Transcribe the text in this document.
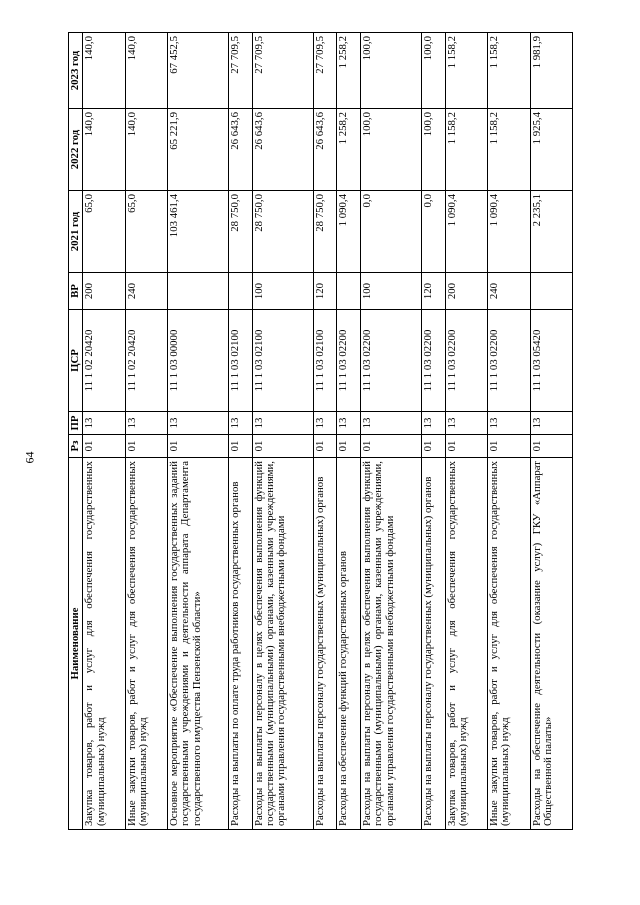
64
Наименование	Рз	ПР	ЦСР	ВР	2021 год	2022 год	2023 год
Закупка товаров, работ и услуг для обеспечения государственных (муниципальных) нужд	01	13	11 1 02 20420	200	65,0	140,0	140,0
Иные закупки товаров, работ и услуг для обеспечения государственных (муниципальных) нужд	01	13	11 1 02 20420	240	65,0	140,0	140,0
Основное мероприятие «Обеспечение выполнения государственных заданий государственными учреждениями и деятельности аппарата Департамента государственного имущества Пензенской области»	01	13	11 1 03 00000		103 461,4	65 221,9	67 452,5
Расходы на выплаты по оплате труда работников государственных органов	01	13	11 1 03 02100		28 750,0	26 643,6	27 709,5
Расходы на выплаты персоналу в целях обеспечения выполнения функций государственными (муниципальными) органами, казенными учреждениями, органами управления государственными внебюджетными фондами	01	13	11 1 03 02100	100	28 750,0	26 643,6	27 709,5
Расходы на выплаты персоналу государственных (муниципальных) органов	01	13	11 1 03 02100	120	28 750,0	26 643,6	27 709,5
Расходы на обеспечение функций государственных органов	01	13	11 1 03 02200		1 090,4	1 258,2	1 258,2
Расходы на выплаты персоналу в целях обеспечения выполнения функций государственными (муниципальными) органами, казенными учреждениями, органами управления государственными внебюджетными фондами	01	13	11 1 03 02200	100	0,0	100,0	100,0
Расходы на выплаты персоналу государственных (муниципальных) органов	01	13	11 1 03 02200	120	0,0	100,0	100,0
Закупка товаров, работ и услуг для обеспечения государственных (муниципальных) нужд	01	13	11 1 03 02200	200	1 090,4	1 158,2	1 158,2
Иные закупки товаров, работ и услуг для обеспечения государственных (муниципальных) нужд	01	13	11 1 03 02200	240	1 090,4	1 158,2	1 158,2
Расходы на обеспечение деятельности (оказание услуг) ГКУ «Аппарат Общественной палаты»	01	13	11 1 03 05420		2 235,1	1 925,4	1 981,9
